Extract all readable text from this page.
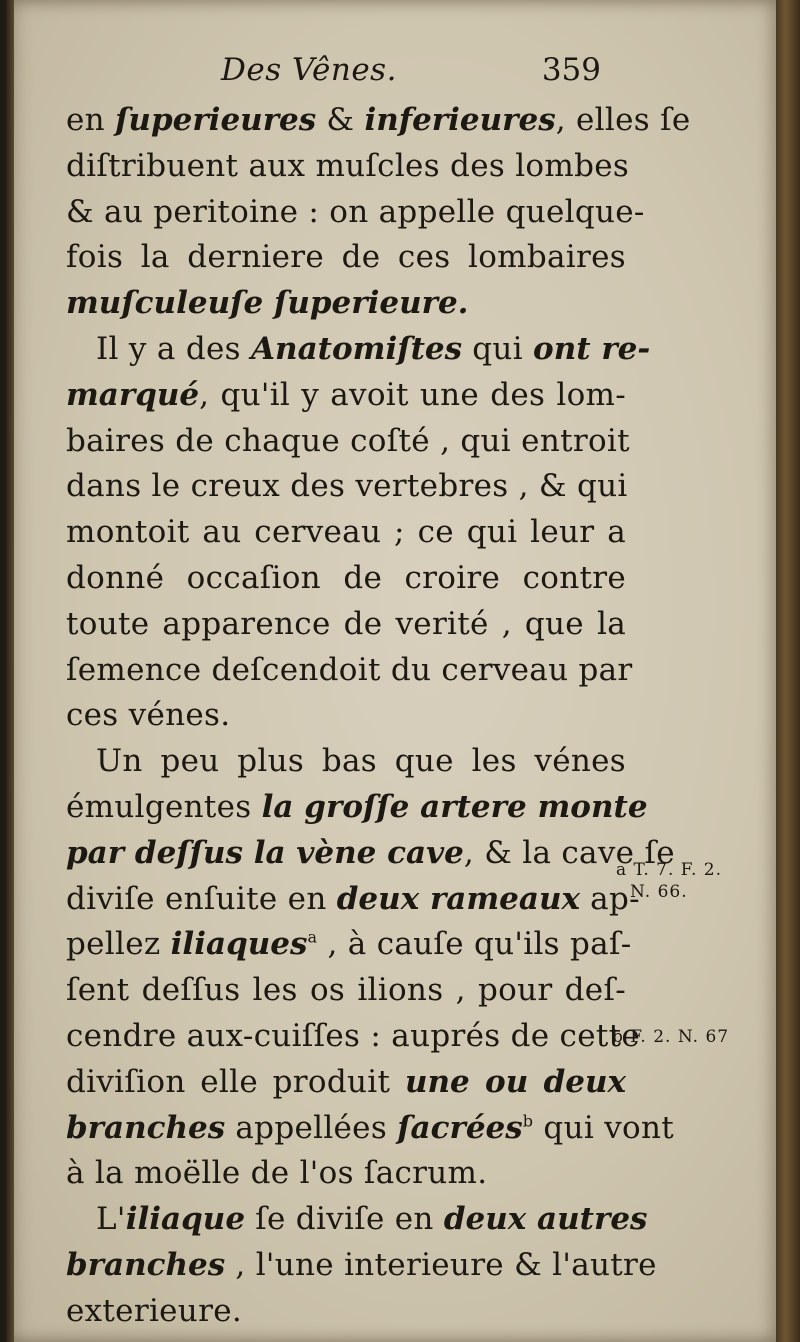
Des Vênes.	359
en ſuperieures & inferieures, elles ſe
diſtribuent aux muſcles des lombes
& au peritoine : on appelle quelque-
fois la derniere de ces lombaires
muſculeuſe ſuperieure.
Il y a des Anatomiſtes qui ont re-
marqué, qu'il y avoit une des lom-
baires de chaque coſté , qui entroit
dans le creux des vertebres , & qui
montoit au cerveau ; ce qui leur a
donné occaſion de croire contre
toute apparence de verité , que la
ſemence deſcendoit du cerveau par
ces vénes.
Un peu plus bas que les vénes
émulgentes la groſſe artere monte
par deſſus la vène cave, & la cave ſe
diviſe enſuite en deux rameaux ap-
pellez iliaques$^a$ , à cauſe qu'ils paſ-
ſent deſſus les os ilions , pour deſ-
cendre aux-cuiſſes : auprés de cette
diviſion elle produit une ou deux
branches appellées ſacrées$^b$ qui vont
à la moëlle de l'os ſacrum.
L'iliaque ſe diviſe en deux autres
branches , l'une interieure & l'autre
exterieure.
a T. 7. F. 2.
N. 66.
b F. 2. N. 67
